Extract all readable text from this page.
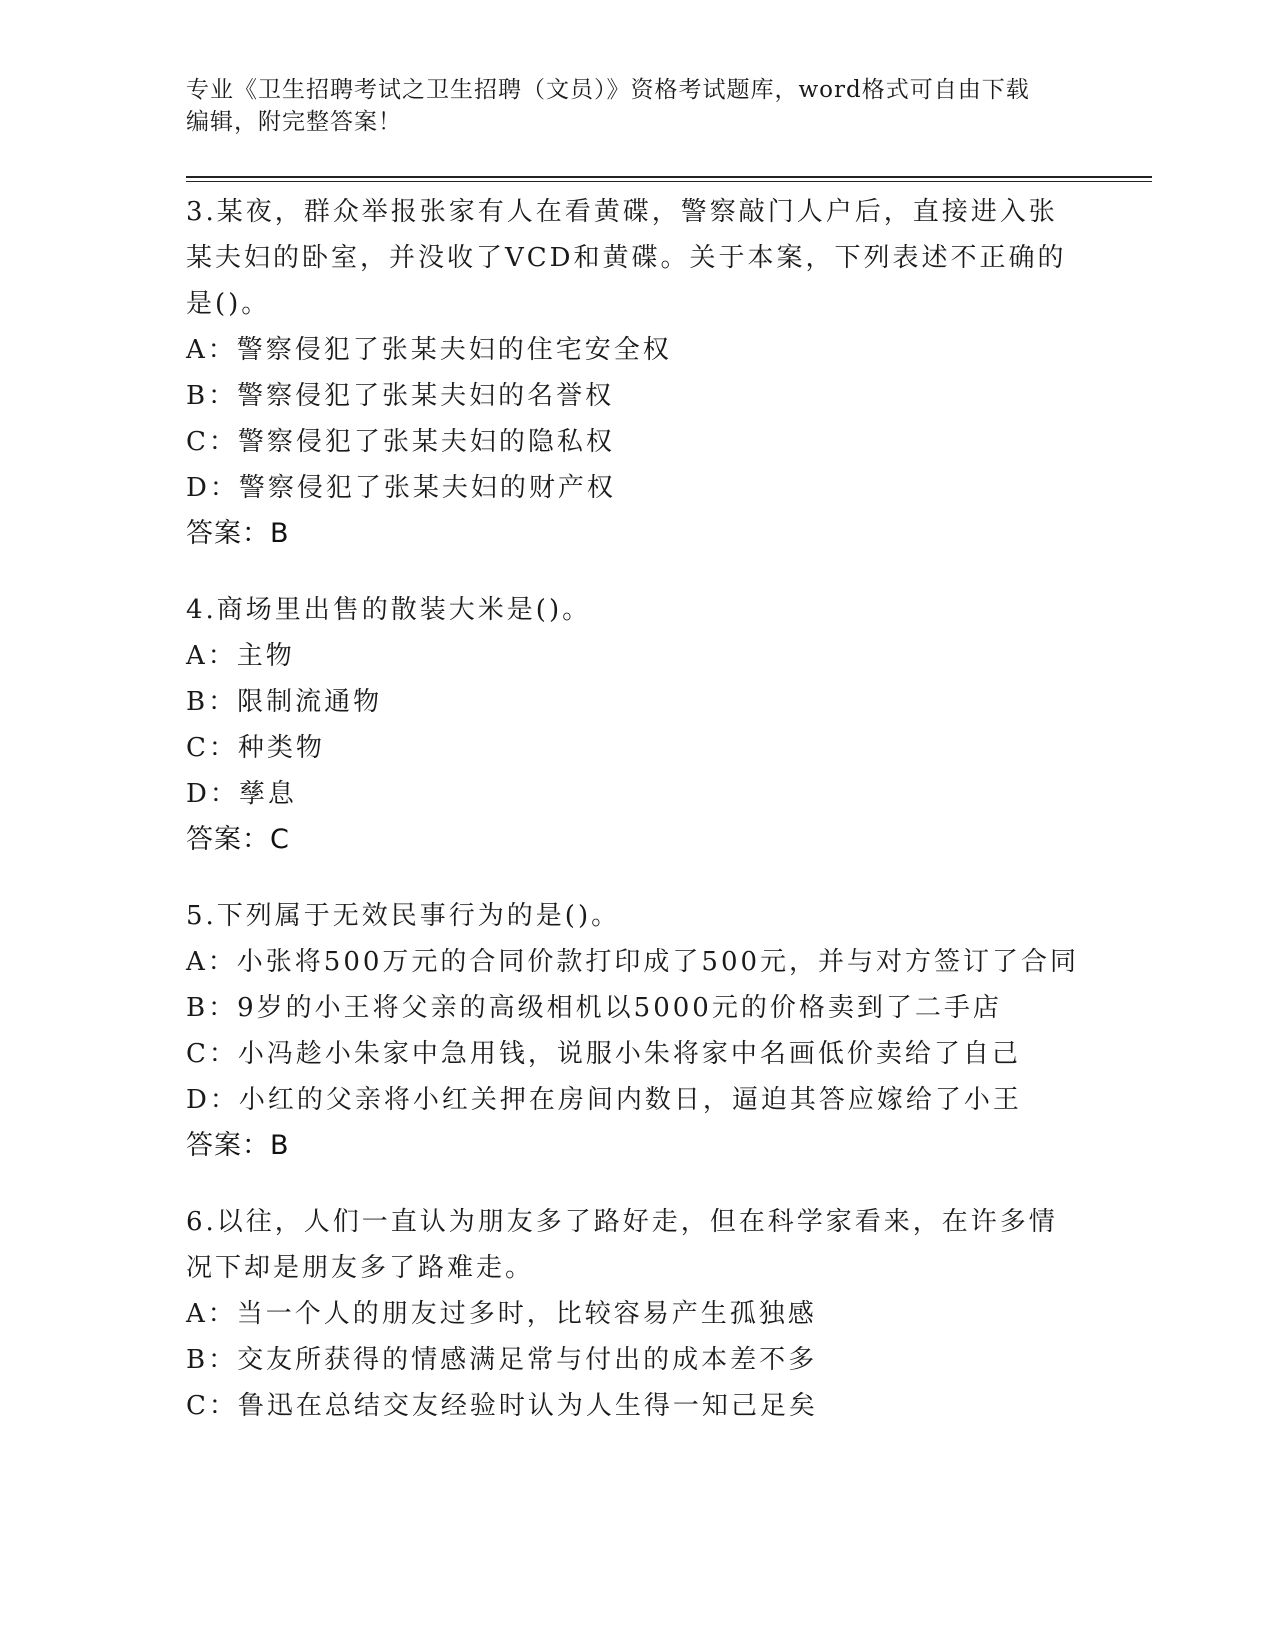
专业《卫生招聘考试之卫生招聘（文员）》资格考试题库，word格式可自由下载
编辑，附完整答案！

3.某夜，群众举报张家有人在看黄碟，警察敲门人户后，直接进入张

某夫妇的卧室，并没收了VCD和黄碟。关于本案，下列表述不正确的

是()。

A：警察侵犯了张某夫妇的住宅安全权

B：警察侵犯了张某夫妇的名誉权

C：警察侵犯了张某夫妇的隐私权

D：警察侵犯了张某夫妇的财产权

答案：B

4.商场里出售的散装大米是()。

A：主物

B：限制流通物

C：种类物

D：孳息

答案：C

5.下列属于无效民事行为的是()。

A：小张将500万元的合同价款打印成了500元，并与对方签订了合同

B：9岁的小王将父亲的高级相机以5000元的价格卖到了二手店

C：小冯趁小朱家中急用钱，说服小朱将家中名画低价卖给了自己

D：小红的父亲将小红关押在房间内数日，逼迫其答应嫁给了小王

答案：B

6.以往，人们一直认为朋友多了路好走，但在科学家看来，在许多情

况下却是朋友多了路难走。

A：当一个人的朋友过多时，比较容易产生孤独感

B：交友所获得的情感满足常与付出的成本差不多

C：鲁迅在总结交友经验时认为人生得一知己足矣
